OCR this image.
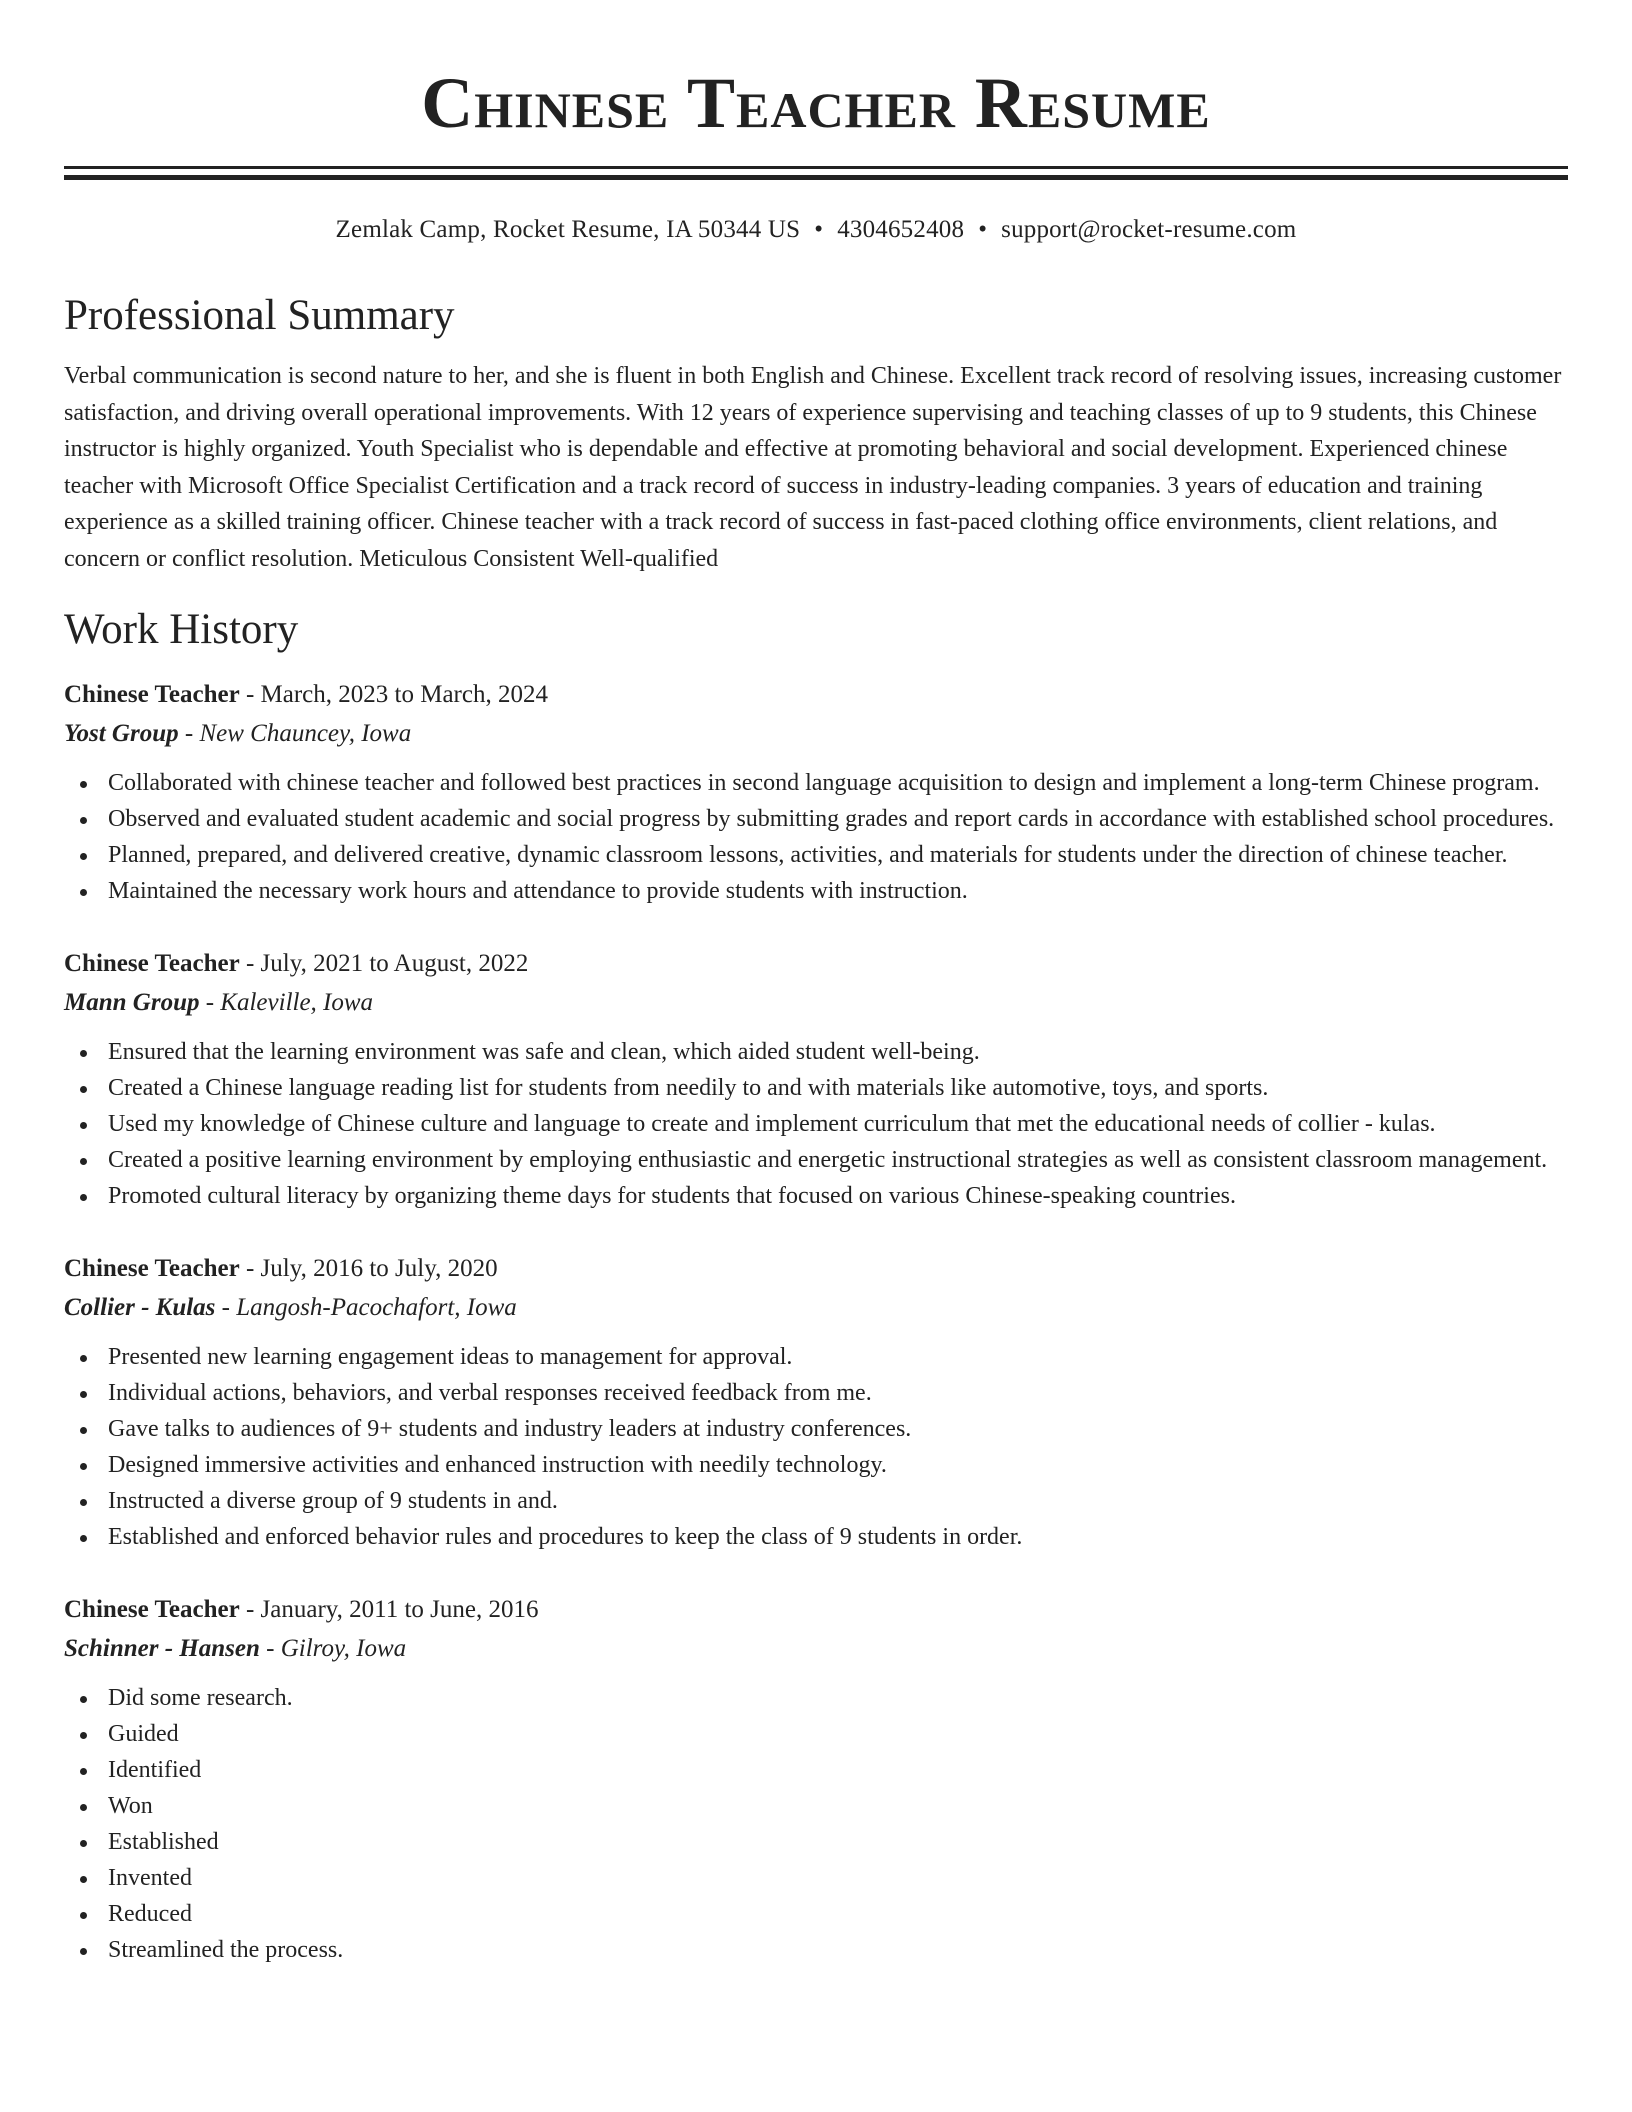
Chinese Teacher Resume
Zemlak Camp, Rocket Resume, IA 50344 US • 4304652408 • support@rocket-resume.com
Professional Summary

Verbal communication is second nature to her, and she is fluent in both English and Chinese. Excellent track record of resolving issues, increasing customer satisfaction, and driving overall operational improvements. With 12 years of experience supervising and teaching classes of up to 9 students, this Chinese instructor is highly organized. Youth Specialist who is dependable and effective at promoting behavioral and social development. Experienced chinese teacher with Microsoft Office Specialist Certification and a track record of success in industry-leading companies. 3 years of education and training experience as a skilled training officer. Chinese teacher with a track record of success in fast-paced clothing office environments, client relations, and concern or conflict resolution. Meticulous Consistent Well-qualified

Work History
Chinese Teacher - March, 2023 to March, 2024
Yost Group - New Chauncey, Iowa
Collaborated with chinese teacher and followed best practices in second language acquisition to design and implement a long-term Chinese program.
Observed and evaluated student academic and social progress by submitting grades and report cards in accordance with established school procedures.
Planned, prepared, and delivered creative, dynamic classroom lessons, activities, and materials for students under the direction of chinese teacher.
Maintained the necessary work hours and attendance to provide students with instruction.
Chinese Teacher - July, 2021 to August, 2022
Mann Group - Kaleville, Iowa
Ensured that the learning environment was safe and clean, which aided student well-being.
Created a Chinese language reading list for students from needily to and with materials like automotive, toys, and sports.
Used my knowledge of Chinese culture and language to create and implement curriculum that met the educational needs of collier - kulas.
Created a positive learning environment by employing enthusiastic and energetic instructional strategies as well as consistent classroom management.
Promoted cultural literacy by organizing theme days for students that focused on various Chinese-speaking countries.
Chinese Teacher - July, 2016 to July, 2020
Collier - Kulas - Langosh-Pacochafort, Iowa
Presented new learning engagement ideas to management for approval.
Individual actions, behaviors, and verbal responses received feedback from me.
Gave talks to audiences of 9+ students and industry leaders at industry conferences.
Designed immersive activities and enhanced instruction with needily technology.
Instructed a diverse group of 9 students in and.
Established and enforced behavior rules and procedures to keep the class of 9 students in order.
Chinese Teacher - January, 2011 to June, 2016
Schinner - Hansen - Gilroy, Iowa
Did some research.
Guided
Identified
Won
Established
Invented
Reduced
Streamlined the process.
